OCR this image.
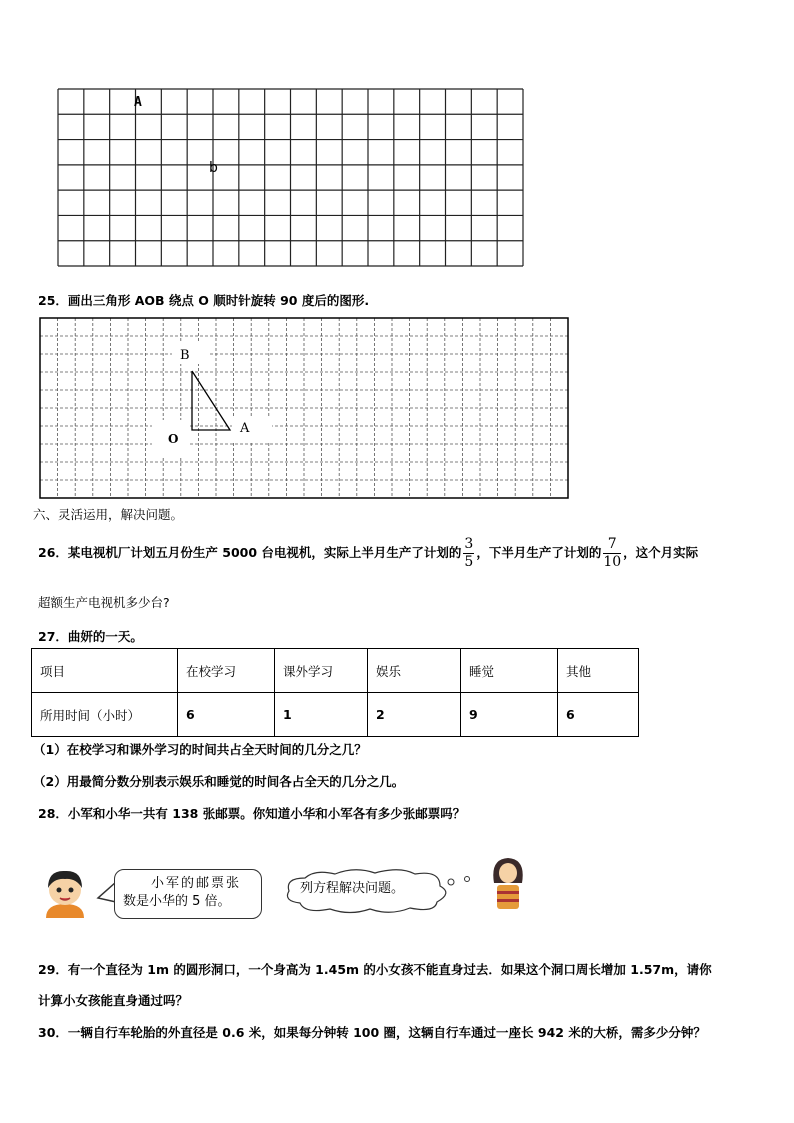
A
b
25．画出三角形 AOB 绕点 O 顺时针旋转 90 度后的图形.
B
A
O
六、灵活运用，解决问题。
26．某电视机厂计划五月份生产 5000 台电视机，实际上半月生产了计划的 $\frac{3}{5}$ ，下半月生产了计划的 $\frac{7}{10}$ ，这个月实际
超额生产电视机多少台?
27．曲妍的一天。
项目	在校学习	课外学习	娱乐	睡觉	其他
所用时间（小时）	6	1	2	9	6
（1）在校学习和课外学习的时间共占全天时间的几分之几？
（2）用最简分数分别表示娱乐和睡觉的时间各占全天的几分之几。
28．小军和小华一共有 138 张邮票。你知道小华和小军各有多少张邮票吗？
小军的邮票张
数是小华的 5 倍。
列方程解决问题。
29．有一个直径为 1m 的圆形洞口，一个身高为 1.45m 的小女孩不能直身过去．如果这个洞口周长增加 1.57m，请你
计算小女孩能直身通过吗？
30．一辆自行车轮胎的外直径是 0.6 米，如果每分钟转 100 圈，这辆自行车通过一座长 942 米的大桥，需多少分钟？
